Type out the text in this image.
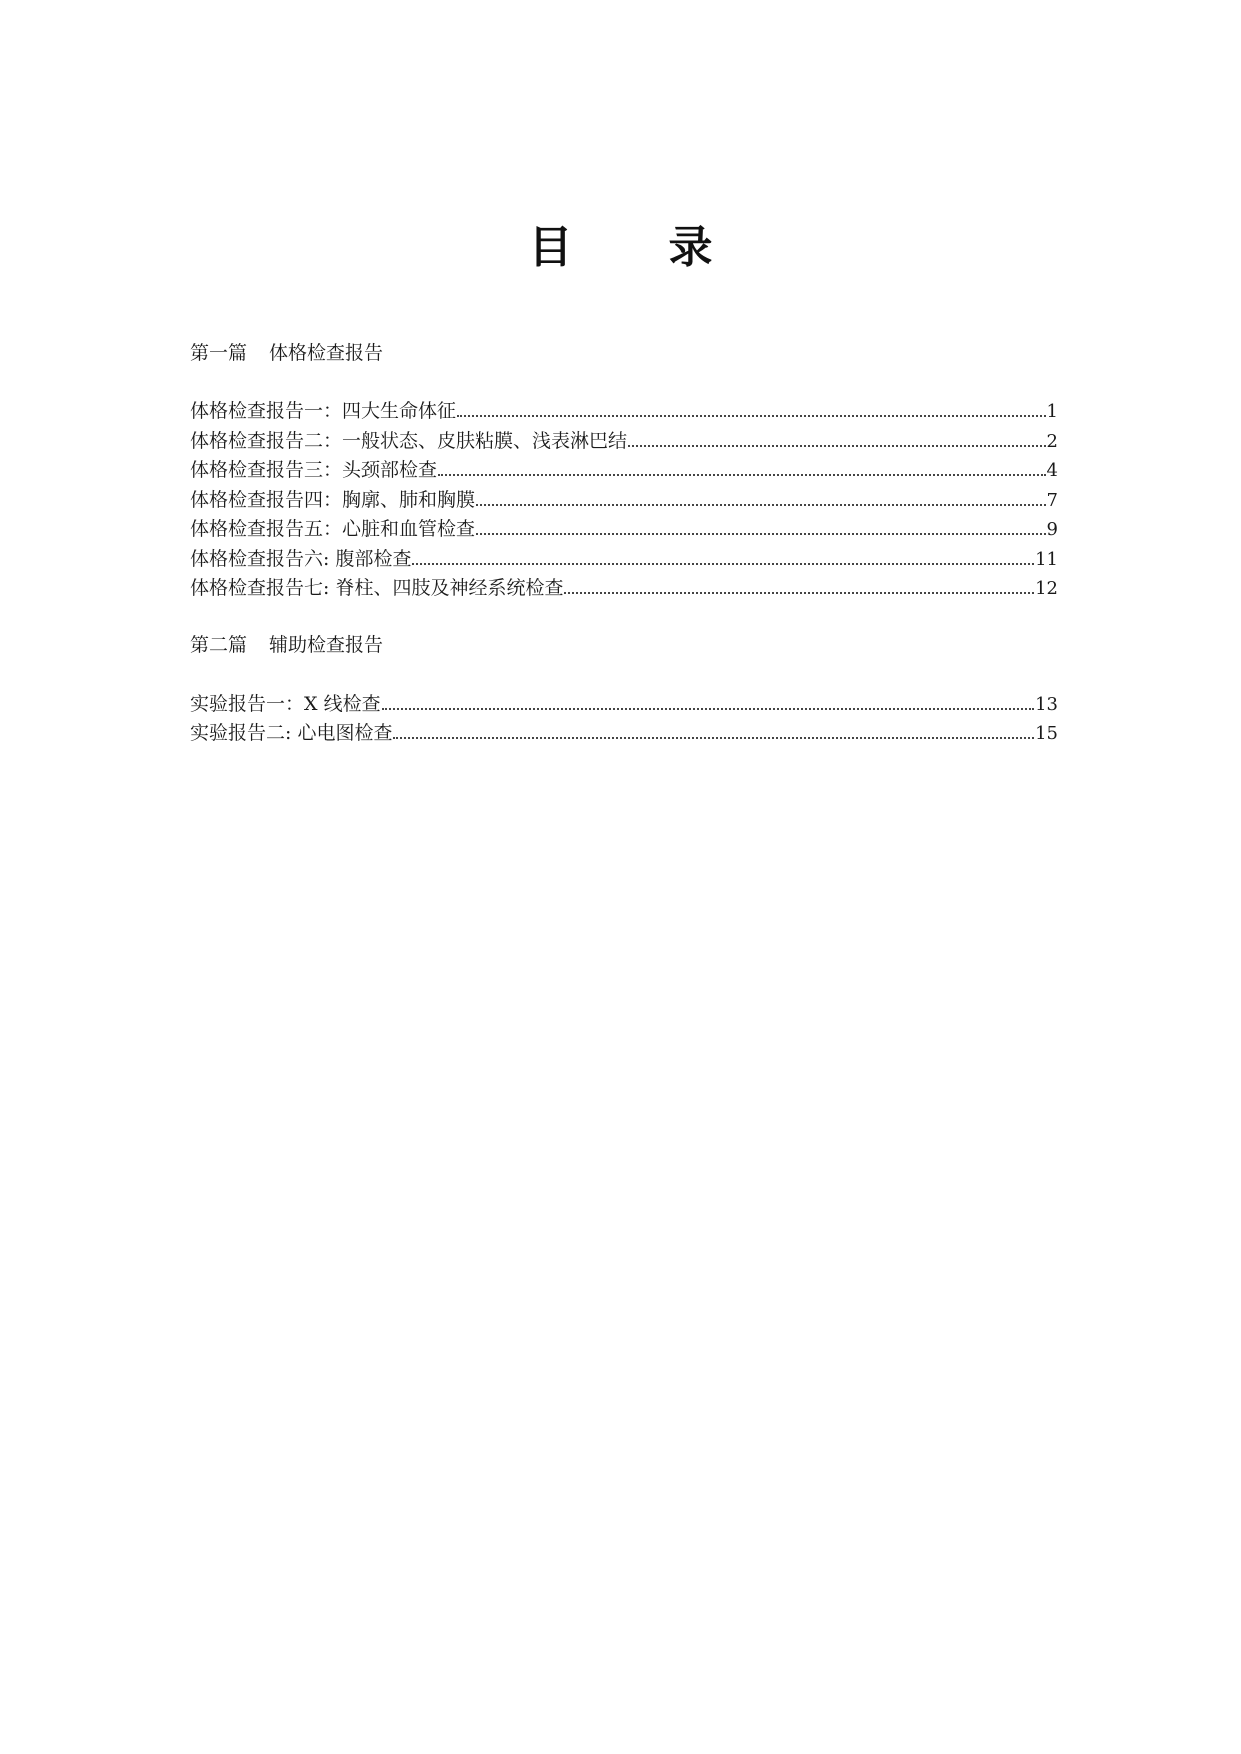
目 录
第一篇 体格检查报告
体格检查报告一：四大生命体征	1
体格检查报告二：一般状态、皮肤粘膜、浅表淋巴结	2
体格检查报告三：头颈部检查	4
体格检查报告四：胸廓、肺和胸膜	7
体格检查报告五：心脏和血管检查	9
体格检查报告六: 腹部检查	11
体格检查报告七: 脊柱、四肢及神经系统检查	12
第二篇 辅助检查报告
实验报告一：X 线检查	13
实验报告二: 心电图检查	15
